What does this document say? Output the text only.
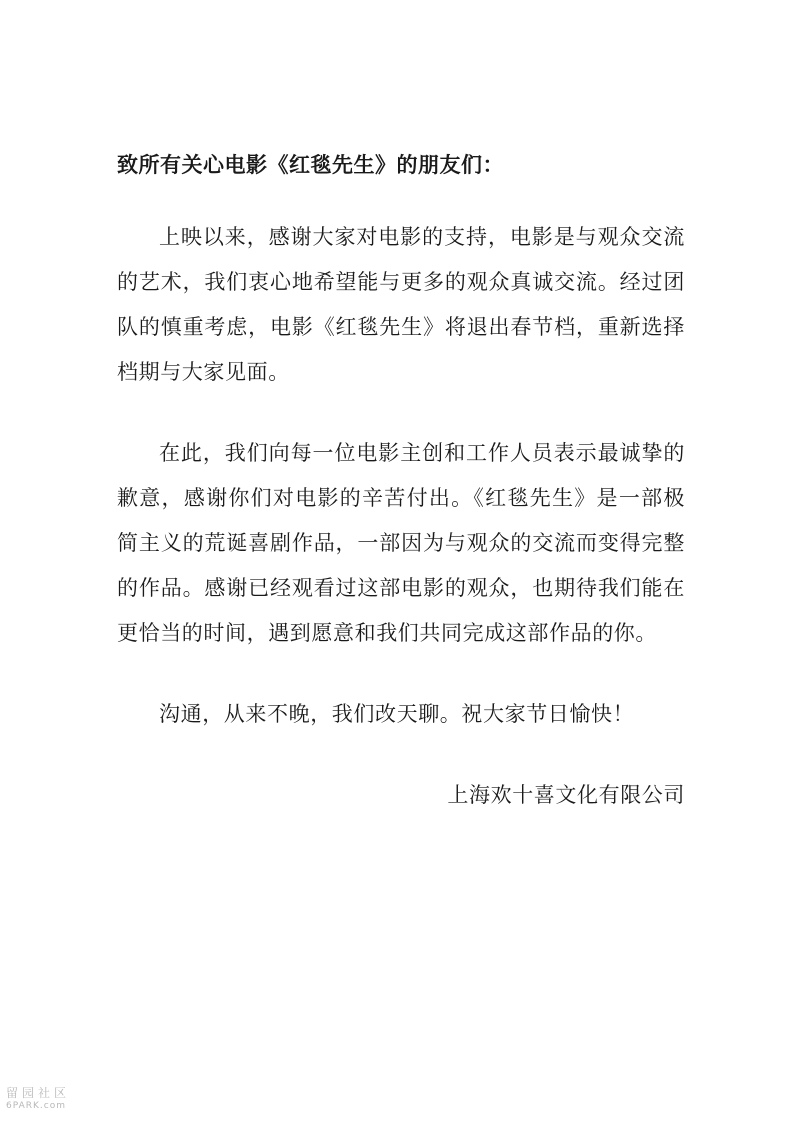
致所有关心电影《红毯先生》的朋友们：

上映以来，感谢大家对电影的支持，电影是与观众交流的艺术，我们衷心地希望能与更多的观众真诚交流。经过团队的慎重考虑，电影《红毯先生》将退出春节档，重新选择档期与大家见面。

在此，我们向每一位电影主创和工作人员表示最诚挚的歉意，感谢你们对电影的辛苦付出。《红毯先生》是一部极简主义的荒诞喜剧作品，一部因为与观众的交流而变得完整的作品。感谢已经观看过这部电影的观众，也期待我们能在更恰当的时间，遇到愿意和我们共同完成这部作品的你。

沟通，从来不晚，我们改天聊。祝大家节日愉快！

上海欢十喜文化有限公司

留园社区
6PARK.com
